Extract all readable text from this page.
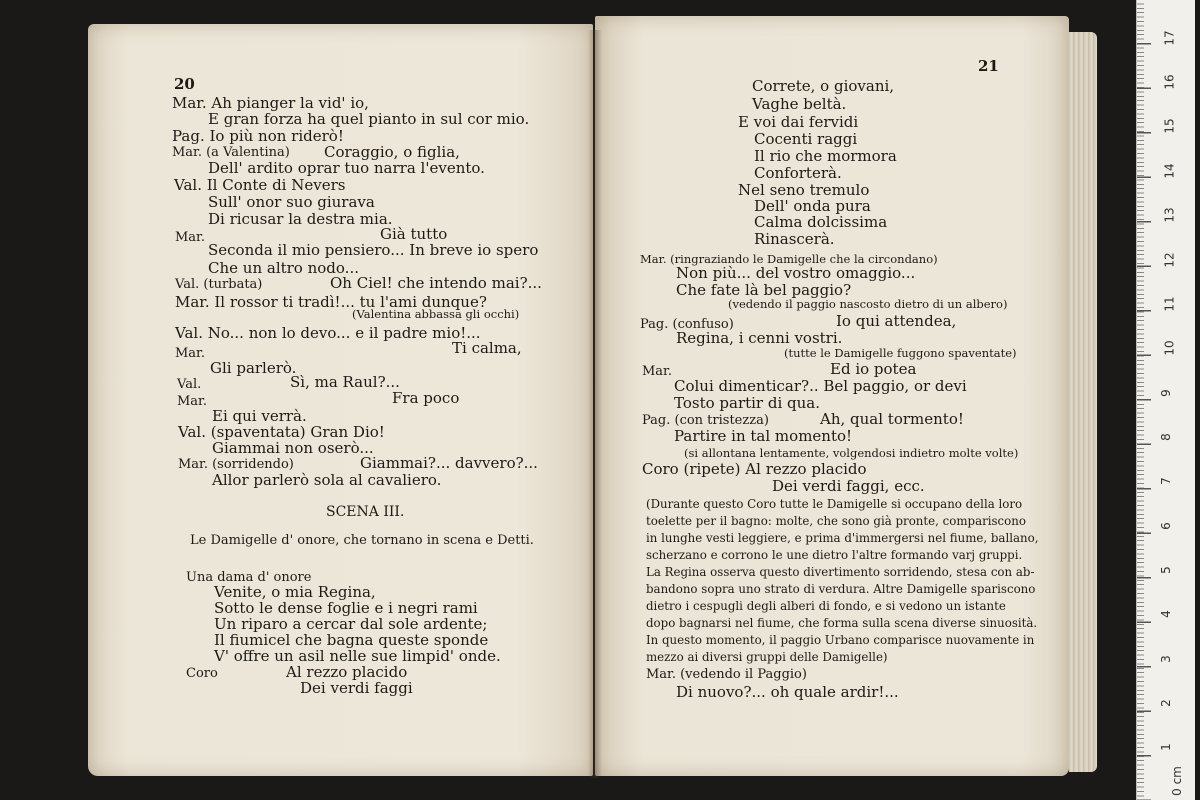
20
Mar. Ah pianger la vid' io,
E gran forza ha quel pianto in sul cor mio.
Pag. Io più non riderò!
Mar. (a Valentina) Coraggio, o figlia,
Dell' ardito oprar tuo narra l'evento.
Val. Il Conte di Nevers
Sull' onor suo giurava
Di ricusar la destra mia.
Mar.	Già tutto
Seconda il mio pensiero... In breve io spero
Che un altro nodo...
Val. (turbata)	Oh Ciel! che intendo mai?...
Mar. Il rossor ti tradì!... tu l'ami dunque?
(Valentina abbassa gli occhi)
Val. No... non lo devo... e il padre mio!...
Ti calma,
Mar.
Gli parlerò.
Val.	Sì, ma Raul?...
Mar.	Fra poco
Ei qui verrà.
Val. (spaventata) Gran Dio!
Giammai non oserò...
Mar. (sorridendo)	Giammai?... davvero?...
Allor parlerò sola al cavaliero.
SCENA III.
Le Damigelle d' onore, che tornano in scena e Detti.
Una dama d' onore
Venite, o mia Regina,
Sotto le dense foglie e i negri rami
Un riparo a cercar dal sole ardente;
Il fiumicel che bagna queste sponde
V' offre un asil nelle sue limpid' onde.
Coro	Al rezzo placido
Dei verdi faggi
21
Correte, o giovani,
Vaghe beltà.
E voi dai fervidi
Cocenti raggi
Il rio che mormora
Conforterà.
Nel seno tremulo
Dell' onda pura
Calma dolcissima
Rinascerà.
Mar. (ringraziando le Damigelle che la circondano)
Non più... del vostro omaggio...
Che fate là bel paggio?
(vedendo il paggio nascosto dietro di un albero)
Pag. (confuso)	Io qui attendea,
Regina, i cenni vostri.
(tutte le Damigelle fuggono spaventate)
Mar.	Ed io potea
Colui dimenticar?.. Bel paggio, or devi
Tosto partir di qua.
Pag. (con tristezza)	Ah, qual tormento!
Partire in tal momento!
(si allontana lentamente, volgendosi indietro molte volte)
Coro (ripete) Al rezzo placido
Dei verdi faggi, ecc.
(Durante questo Coro tutte le Damigelle si occupano della loro
toelette per il bagno: molte, che sono già pronte, compariscono
in lunghe vesti leggiere, e prima d'immergersi nel fiume, ballano,
scherzano e corrono le une dietro l'altre formando varj gruppi.
La Regina osserva questo divertimento sorridendo, stesa con ab-
bandono sopra uno strato di verdura. Altre Damigelle spariscono
dietro i cespugli degli alberi di fondo, e si vedono un istante
dopo bagnarsi nel fiume, che forma sulla scena diverse sinuosità.
In questo momento, il paggio Urbano comparisce nuovamente in
mezzo ai diversi gruppi delle Damigelle)
Mar. (vedendo il Paggio)
Di nuovo?... oh quale ardir!...
0 cm
1
2
3
4
5
6
7
8
9
10
11
12
13
14
15
16
17
